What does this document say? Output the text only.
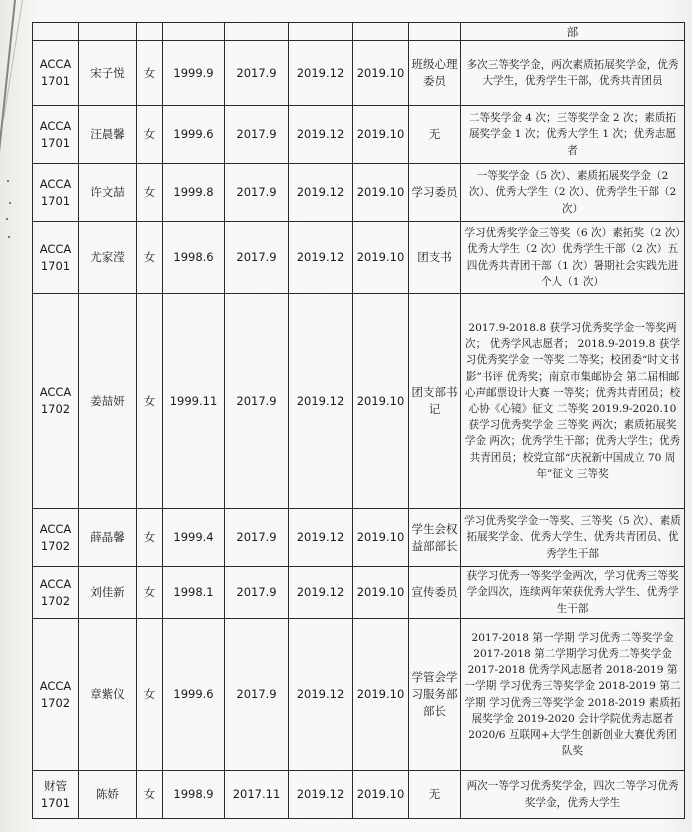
								部
ACCA 1701	宋子悦	女	1999.9	2017.9	2019.12	2019.10	班级心理委员	多次三等奖学金，两次素质拓展奖学金，优秀大学生，优秀学生干部，优秀共青团员
ACCA 1701	汪晨馨	女	1999.6	2017.9	2019.12	2019.10	无	二等奖学金 4 次；三等奖学金 2 次；素质拓展奖学金 1 次；优秀大学生 1 次；优秀志愿者
ACCA 1701	许文喆	女	1999.8	2017.9	2019.12	2019.10	学习委员	一等奖学金（5 次）、素质拓展奖学金（2 次）、优秀大学生（2 次）、优秀学生干部（2 次）
ACCA 1701	尤家滢	女	1998.6	2017.9	2019.12	2019.10	团支书	学习优秀奖学金三等奖（6 次）素拓奖（2 次）优秀大学生（2 次）优秀学生干部（2 次）五四优秀共青团干部（1 次）暑期社会实践先进个人（1 次）
ACCA 1702	姜喆妍	女	1999.11	2017.9	2019.12	2019.10	团支部书记	2017.9-2018.8 获学习优秀奖学金一等奖两次； 优秀学风志愿者； 2018.9-2019.8 获学习优秀奖学金 一等奖 二等奖；校团委“时文书影”书评 优秀奖；南京市集邮协会 第二届相邮心声邮票设计大赛 一等奖；优秀共青团员；校心协《心镜》征文 二等奖 2019.9-2020.10 获学习优秀奖学金 三等奖 两次；素质拓展奖学金 两次；优秀学生干部；优秀大学生；优秀共青团员；校党宣部“庆祝新中国成立 70 周年”征文 三等奖
ACCA 1702	薛晶馨	女	1999.4	2017.9	2019.12	2019.10	学生会权益部部长	学习优秀奖学金一等奖、三等奖（5 次）、素质拓展奖学金、优秀大学生、优秀共青团员、优秀学生干部
ACCA 1702	刘佳新	女	1998.1	2017.9	2019.12	2019.10	宣传委员	获学习优秀一等奖学金两次，学习优秀三等奖学金四次，连续两年荣获优秀大学生、优秀学生干部
ACCA 1702	章紫仪	女	1999.6	2017.9	2019.12	2019.10	学管会学习服务部部长	2017-2018 第一学期 学习优秀二等奖学金 2017-2018 第二学期学习优秀二等奖学金 2017-2018 优秀学风志愿者 2018-2019 第一学期 学习优秀三等奖学金 2018-2019 第二学期 学习优秀三等奖学金 2018-2019 素质拓展奖学金 2019-2020 会计学院优秀志愿者 2020/6 互联网+大学生创新创业大赛优秀团队奖
财管 1701	陈娇	女	1998.9	2017.11	2019.12	2019.10	无	两次一等学习优秀奖学金，四次二等学习优秀奖学金，优秀大学生
